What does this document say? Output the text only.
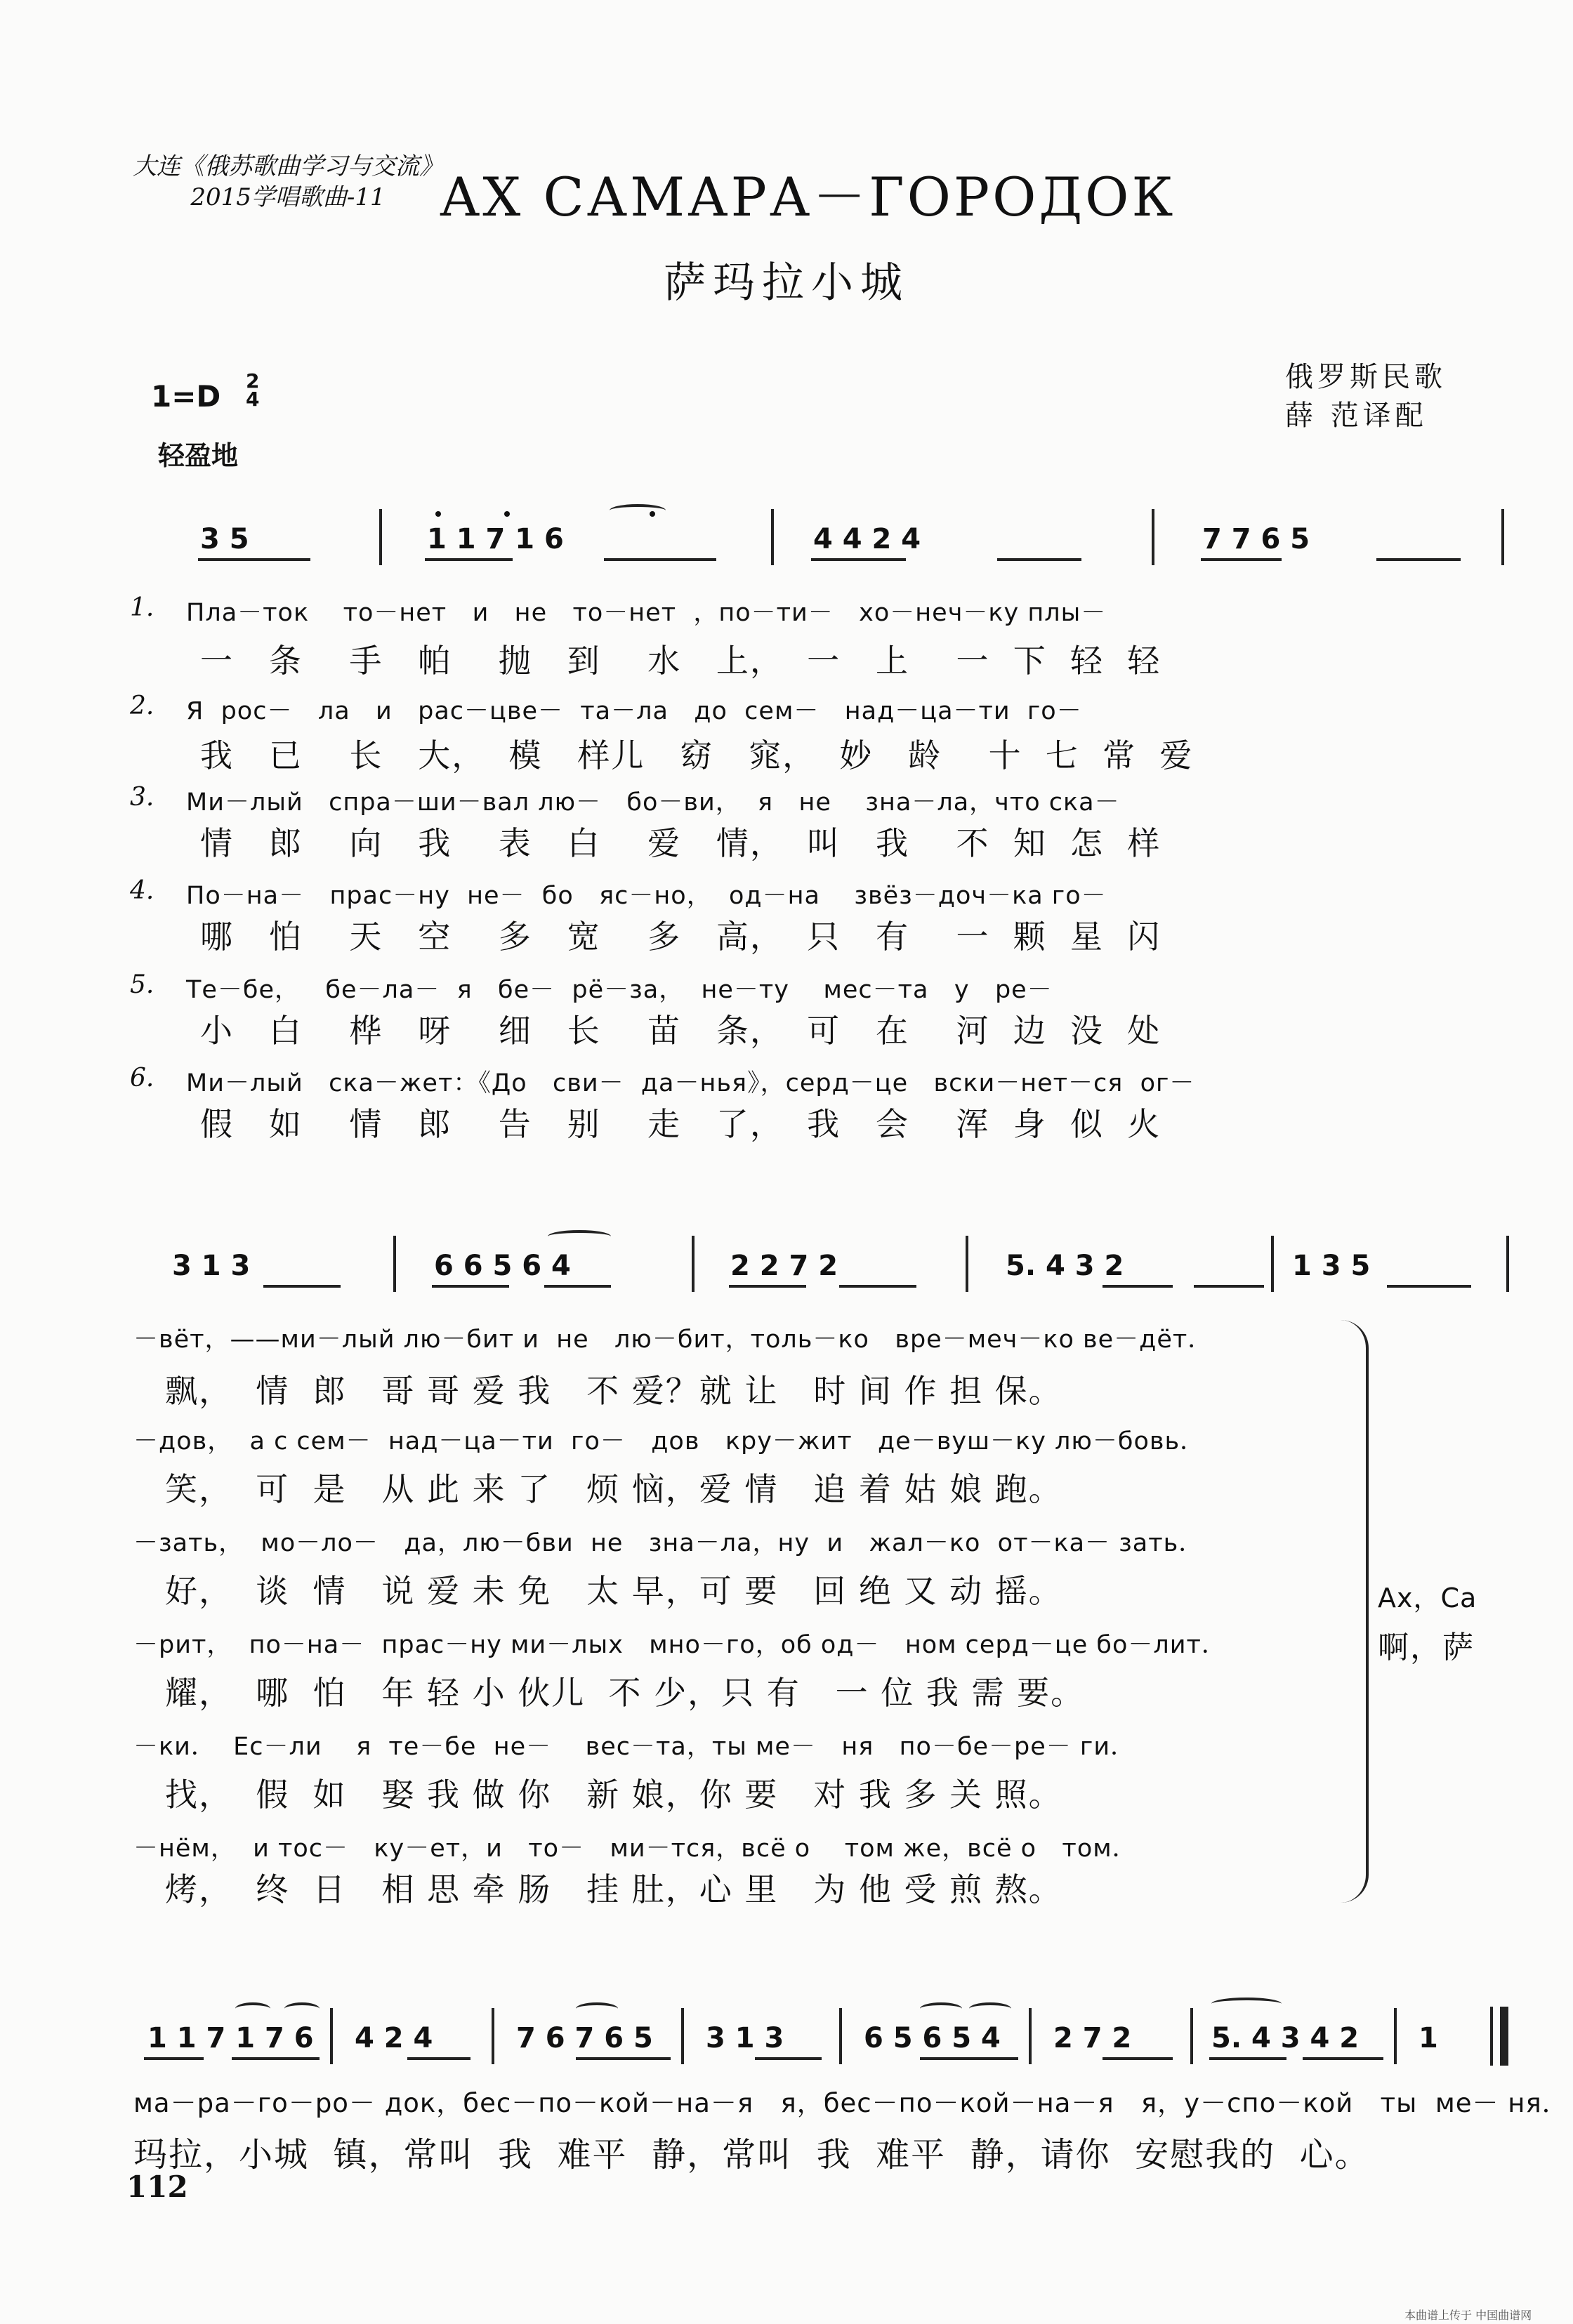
大连《俄苏歌曲学习与交流》
2015学唱歌曲-11	АХ САМАРА－ГОРОДОК
萨玛拉小城
俄罗斯民歌
薛 范译配
1=D 2
4
轻盈地
3 5	1 1 7 1 6	4 4 2 4	7 7 6 5
1. Пла－ток    то－нет   и   не   то－нет  ，по－ти－   хо－неч－ку плы－
一   条    手   帕    抛   到    水   上，  一   上    一  下  轻  轻
2. Я  рос－   ла   и   рас－цве－  та－ла   до  сем－   над－ца－ти  го－
我   已    长   大，  模   样儿   窈   窕，  妙   龄    十  七  常  爱
3. Ми－лый   спра－ши－вал лю－   бо－ви，  я   не    зна－ла，что ска－
情   郎    向   我    表   白    爱   情，  叫   我    不  知  怎  样
4. По－на－   прас－ну  не－  бо   яс－но，  од－на    звёз－доч－ка го－
哪   怕    天   空    多   宽    多   高，  只   有    一  颗  星  闪
5. Те－бе，   бе－ла－  я   бе－  рё－за，  не－ту    мес－та   у   ре－
小   白    桦   呀    细   长    苗   条，  可   在    河  边  没  处
6. Ми－лый   ска－жет：《До   сви－  да－нья》，серд－це   вски－нет－ся  ог－
假   如    情   郎    告   别    走   了，  我   会    浑  身  似  火
3 1 3	6 6 5 6 4	2 2 7 2	5. 4 3 2	1 3 5
－вёт，——ми－лый лю－бит и  не   лю－бит，толь－ко   вре－меч－ко ве－дёт．
飘，  情  郎   哥 哥 爱 我   不 爱？就 让   时 间 作 担 保。
－дов，  а с сем－  над－ца－ти  го－   дов   кру－жит   де－вуш－ку лю－бовь．
笑，  可  是   从 此 来 了   烦 恼，爱 情   追 着 姑 娘 跑。
－зать，  мо－ло－   да，лю－бви  не   зна－ла，ну  и   жал－ко  от－ка－ зать．
好，  谈  情   说 爱 未 免   太 早，可 要   回 绝 又 动 摇。
－рит，  по－на－  прас－ну ми－лых   мно－го，об од－   ном серд－це бо－лит．
耀，  哪  怕   年 轻 小 伙儿  不 少，只 有   一 位 我 需 要。
－ки．  Ес－ли    я  те－бе  не－    вес－та，ты ме－   ня   по－бе－ре－ ги．
找，  假  如   娶 我 做 你   新 娘，你 要   对 我 多 关 照。
－нём，  и тос－   ку－ет，и   то－   ми－тся，всё о    том же，всё о   том．
烤，  终  日   相 思 牵 肠   挂 肚，心 里   为 他 受 煎 熬。
Ах，Са
啊，萨
1 1 7 1 7 6 4 2 4	7 6 7 6 5 3 1 3	6 5 6 5 4 2 7 2	5. 4 3 4 2 1
ма－ра－го－ро－ док，бес－по－кой－на－я   я，бес－по－кой－на－я   я，у－спо－кой   ты  ме－ ня．
玛拉，小城  镇，常叫  我  难平  静，常叫  我  难平  静，请你  安慰我的  心。
112
本曲谱上传于 中国曲谱网
